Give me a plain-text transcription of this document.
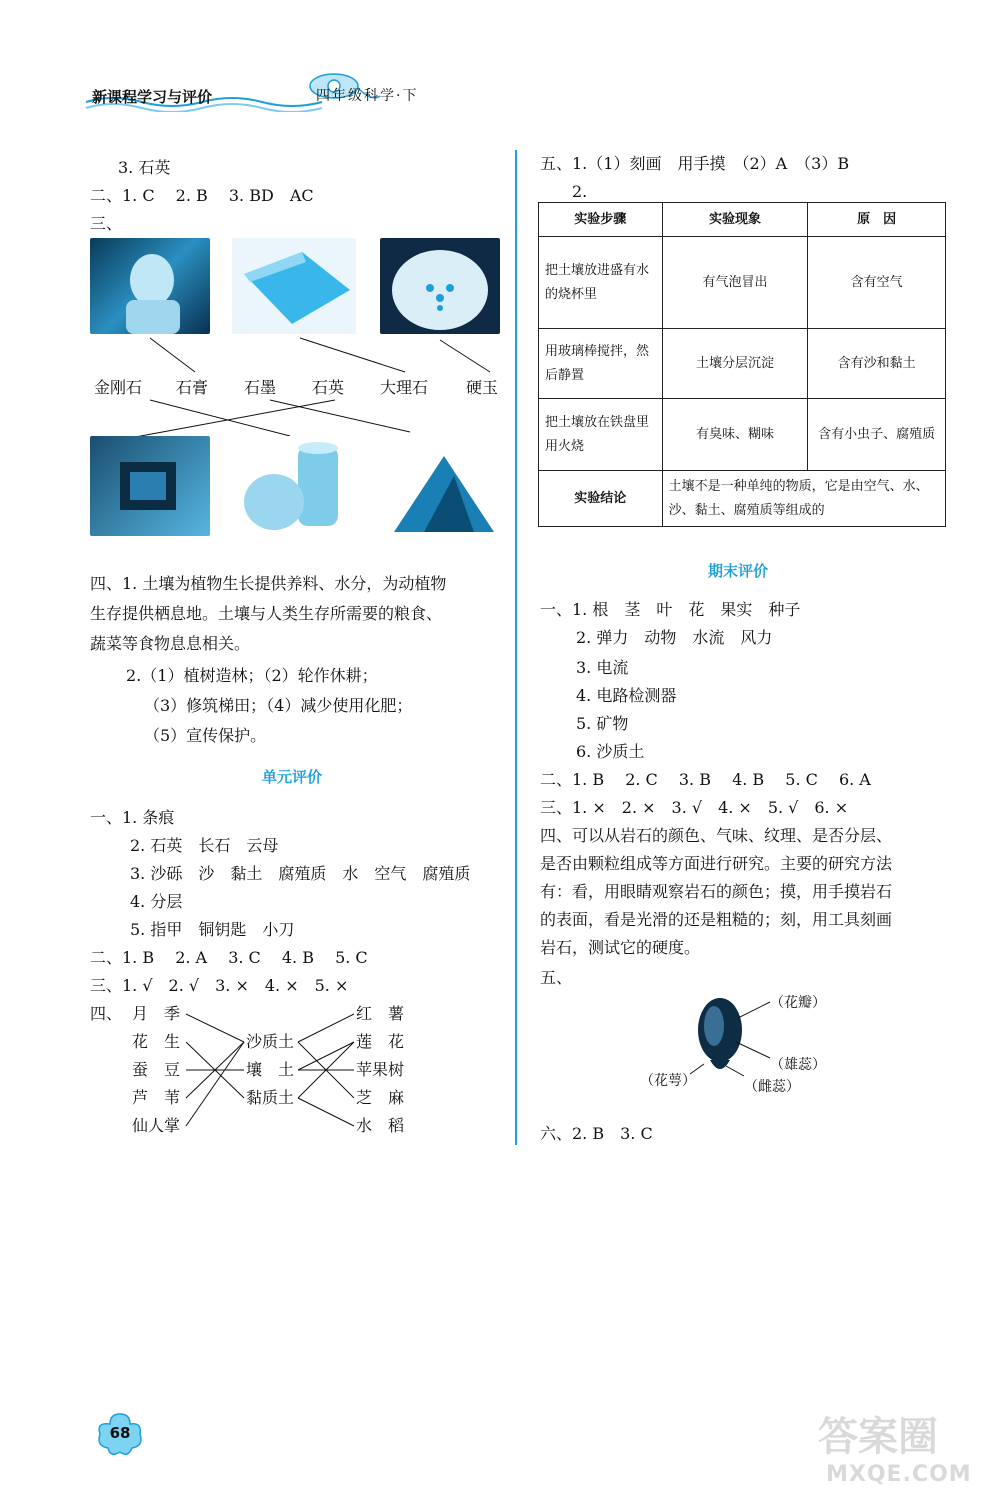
新课程学习与评价	四年级科学·下
3. 石英
二、1. C　 2. B　 3. BD　AC
三、
金刚石 石膏 石墨 石英 大理石 硬玉
四、1. 土壤为植物生长提供养料、水分，为动植物
生存提供栖息地。土壤与人类生存所需要的粮食、
蔬菜等食物息息相关。
2.（1）植树造林；（2）轮作休耕；
（3）修筑梯田；（4）减少使用化肥；
（5）宣传保护。
单元评价
一、1. 条痕
2. 石英　长石　云母
3. 沙砾　沙　黏土　腐殖质　水　空气　腐殖质
4. 分层
5. 指甲　铜钥匙　小刀
二、1. B　 2. A　 3. C　 4. B　 5. C
三、1. √　2. √　3. ×　4. ×　5. ×
四、 月　季
花　生
蚕　豆
芦　苇
仙人掌
沙质土
壤　土
黏质土
红　薯
莲　花
苹果树
芝　麻
水　稻
五、1.（1）刻画　用手摸　（2）A　（3）B
2.
实验步骤	实验现象	原　因
把土壤放进盛有水的烧杯里	有气泡冒出	含有空气
用玻璃棒搅拌，然后静置	土壤分层沉淀	含有沙和黏土
把土壤放在铁盘里用火烧	有臭味、糊味	含有小虫子、腐殖质
实验结论	土壤不是一种单纯的物质，它是由空气、水、沙、黏土、腐殖质等组成的	
期末评价
一、1. 根　茎　叶　花　果实　种子
2. 弹力　动物　水流　风力
3. 电流
4. 电路检测器
5. 矿物
6. 沙质土
二、1. B　 2. C　 3. B　 4. B　 5. C　 6. A
三、1. ×　2. ×　3. √　4. ×　5. √　6. ×
四、可以从岩石的颜色、气味、纹理、是否分层、
是否由颗粒组成等方面进行研究。主要的研究方法
有：看，用眼睛观察岩石的颜色；摸，用手摸岩石
的表面，看是光滑的还是粗糙的；刻，用工具刻画
岩石，测试它的硬度。
五、
（花瓣）
（雄蕊）
（花萼）	（雌蕊）
六、2. B　3. C
68	答案圈
MXQE.COM
